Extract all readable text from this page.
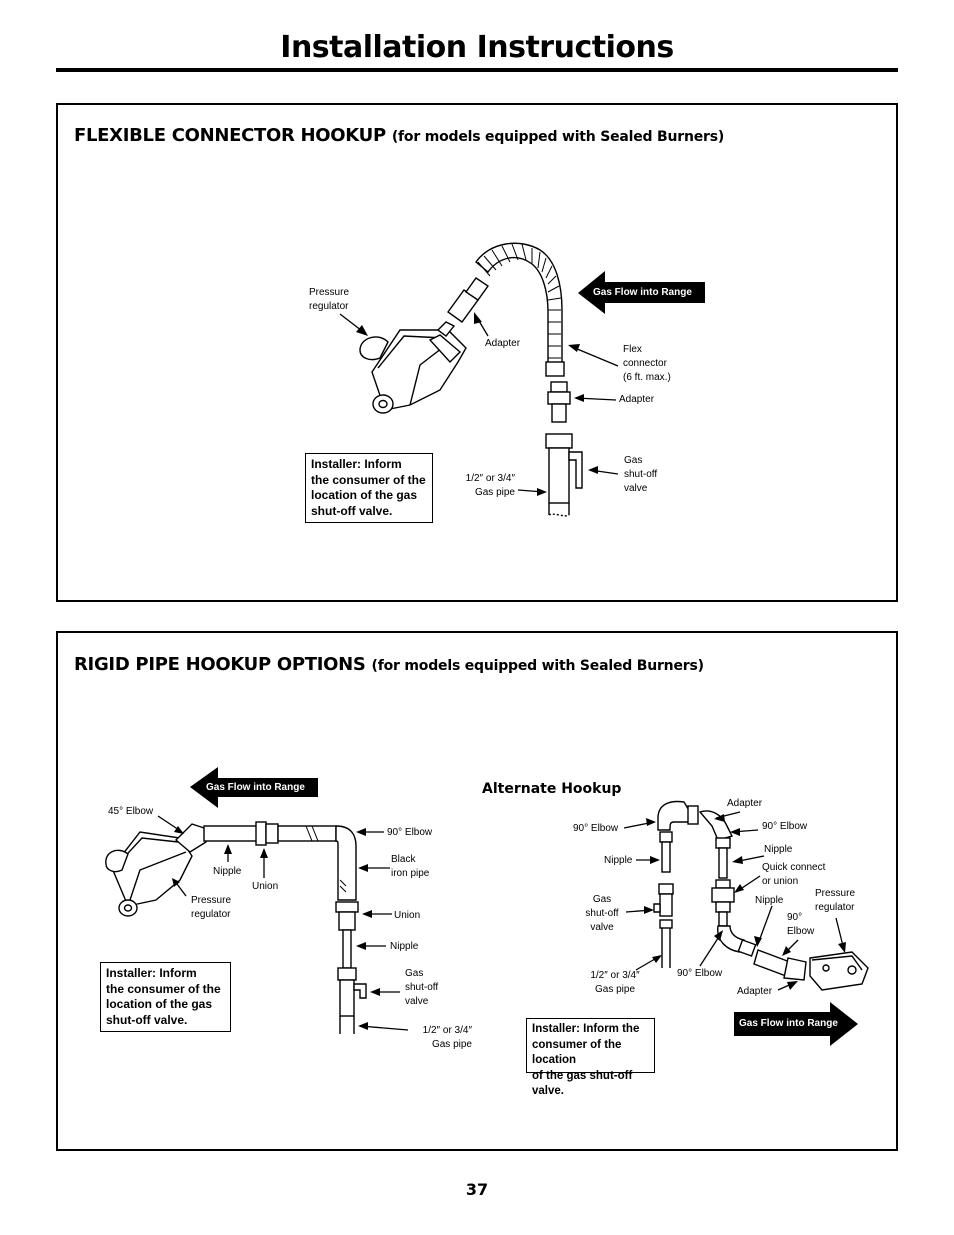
Installation Instructions
FLEXIBLE CONNECTOR HOOKUP (for models equipped with Sealed Burners)
Gas Flow into Range
Pressure
regulator
Adapter
Flex
connector
(6 ft. max.)
Adapter
1/2″ or 3/4″
Gas pipe
Gas
shut-off
valve
Installer: Inform
the consumer of the
location of the gas
shut-off valve.
RIGID PIPE HOOKUP OPTIONS (for models equipped with Sealed Burners)
Gas Flow into Range
45° Elbow
Nipple
Union
Pressure
regulator
90° Elbow
Black
iron pipe
Union
Nipple
Gas
shut-off
valve
1/2″ or 3/4″
Gas pipe
Installer: Inform
the consumer of the
location of the gas
shut-off valve.
Alternate Hookup
Gas Flow into Range
Adapter
90° Elbow	90° Elbow
Nipple
Nipple
Quick connect
or union
Gas
shut-off
valve
Nipple
Pressure
regulator
90°
Elbow
1/2″ or 3/4″
Gas pipe
90° Elbow
Adapter
Installer: Inform the
consumer of the location
of the gas shut-off valve.
37
